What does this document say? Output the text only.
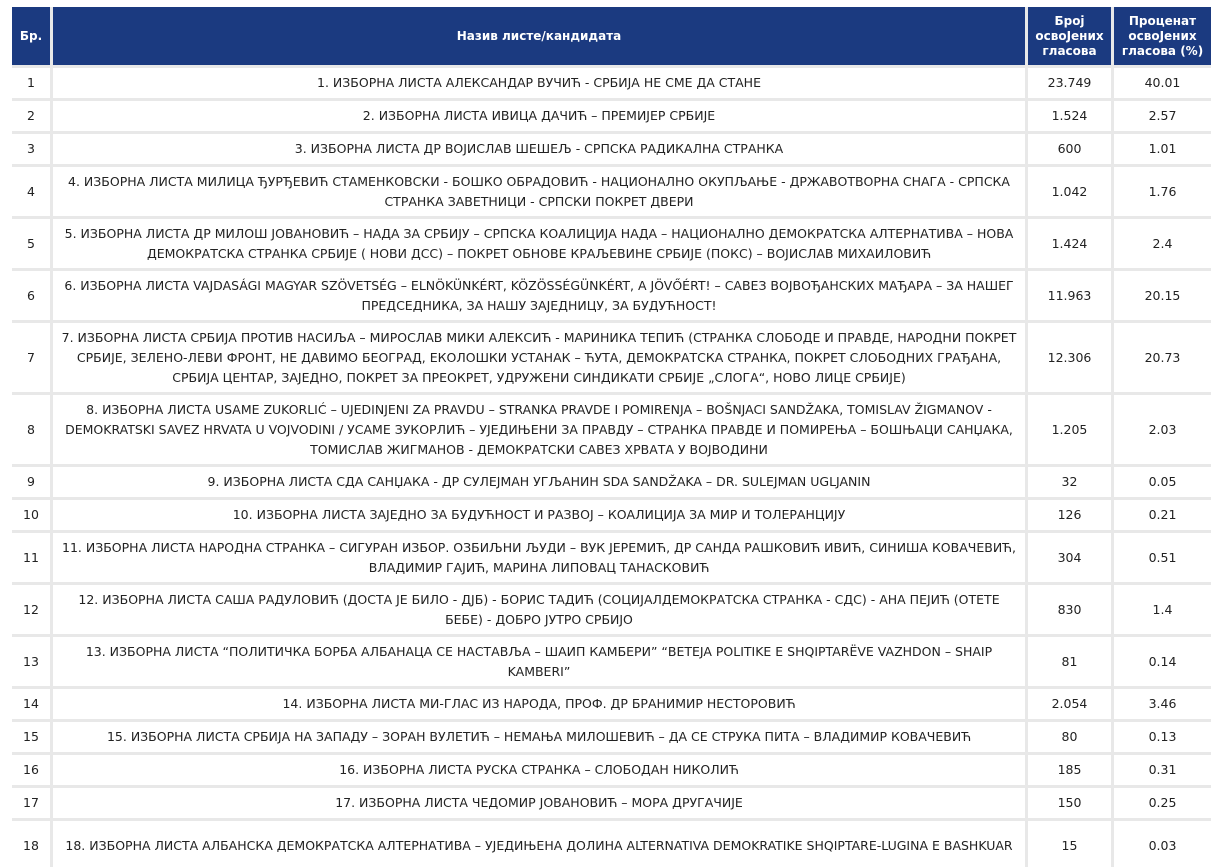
Бр.	Назив листе/кандидата	Број освоЈених гласова	Проценат освоЈених гласова (%)
1	1. ИЗБОРНА ЛИСТА АЛЕКСАНДАР ВУЧИЋ - СРБИЈА НЕ СМЕ ДА СТАНЕ	23.749	40.01
2	2. ИЗБОРНА ЛИСТА ИВИЦА ДАЧИЋ – ПРЕМИЈЕР СРБИЈЕ	1.524	2.57
3	3. ИЗБОРНА ЛИСТА ДР ВОЈИСЛАВ ШЕШЕЉ - СРПСКА РАДИКАЛНА СТРАНКА	600	1.01
4	4. ИЗБОРНА ЛИСТА МИЛИЦА ЂУРЂЕВИЋ СТАМЕНКОВСКИ - БОШКО ОБРАДОВИЋ - НАЦИОНАЛНО ОКУПЉАЊЕ - ДРЖАВОТВОРНА СНАГА - СРПСКА СТРАНКА ЗАВЕТНИЦИ - СРПСКИ ПОКРЕТ ДВЕРИ	1.042	1.76
5	5. ИЗБОРНА ЛИСТА ДР МИЛОШ ЈОВАНОВИЋ – НАДА ЗА СРБИЈУ – СРПСКА КОАЛИЦИЈА НАДА – НАЦИОНАЛНО ДЕМОКРАТСКА АЛТЕРНАТИВА – НОВА ДЕМОКРАТСКА СТРАНКА СРБИЈЕ ( НОВИ ДСС) – ПОКРЕТ ОБНОВЕ КРАЉЕВИНЕ СРБИЈЕ (ПОКС) – ВОЈИСЛАВ МИХАИЛОВИЋ	1.424	2.4
6	6. ИЗБОРНА ЛИСТА VAJDASÁGI MAGYAR SZÖVETSÉG – ELNÖKÜNKÉRT, KÖZÖSSÉGÜNKÉRT, A JÖVŐÉRT! – САВЕЗ ВОЈВОЂАНСКИХ МАЂАРА – ЗА НАШЕГ ПРЕДСЕДНИКА, ЗА НАШУ ЗАЈЕДНИЦУ, ЗА БУДУЋНОСТ!	11.963	20.15
7	7. ИЗБОРНА ЛИСТА СРБИЈА ПРОТИВ НАСИЉА – МИРОСЛАВ МИКИ АЛЕКСИЋ - МАРИНИКА ТЕПИЋ (СТРАНКА СЛОБОДЕ И ПРАВДЕ, НАРОДНИ ПОКРЕТ СРБИЈЕ, ЗЕЛЕНО-ЛЕВИ ФРОНТ, НЕ ДАВИМО БЕОГРАД, ЕКОЛОШКИ УСТАНАК – ЋУТА, ДЕМОКРАТСКА СТРАНКА, ПОКРЕТ СЛОБОДНИХ ГРАЂАНА, СРБИЈА ЦЕНТАР, ЗАЈЕДНО, ПОКРЕТ ЗА ПРЕОКРЕТ, УДРУЖЕНИ СИНДИКАТИ СРБИЈЕ „СЛОГА“, НОВО ЛИЦЕ СРБИЈЕ)	12.306	20.73
8	8. ИЗБОРНА ЛИСТА USAME ZUKORLIĆ – UJEDINJENI ZA PRAVDU – STRANKA PRAVDE I POMIRENJA – BOŠNJACI SANDŽAKA, TOMISLAV ŽIGMANOV - DEMOKRATSKI SAVEZ HRVATA U VOJVODINI / УСАМЕ ЗУКОРЛИЋ – УЈЕДИЊЕНИ ЗА ПРАВДУ – СТРАНКА ПРАВДЕ И ПОМИРЕЊА – БОШЊАЦИ САНЏАКА, ТОМИСЛАВ ЖИГМАНОВ - ДЕМОКРАТСКИ САВЕЗ ХРВАТА У ВОЈВОДИНИ	1.205	2.03
9	9. ИЗБОРНА ЛИСТА СДА САНЏАКА - ДР СУЛЕЈМАН УГЉАНИН SDA SANDŽAKA – DR. SULEJMAN UGLJANIN	32	0.05
10	10. ИЗБОРНА ЛИСТА ЗАЈЕДНО ЗА БУДУЋНОСТ И РАЗВОЈ – КОАЛИЦИЈА ЗА МИР И ТОЛЕРАНЦИЈУ	126	0.21
11	11. ИЗБОРНА ЛИСТА НАРОДНА СТРАНКА – СИГУРАН ИЗБОР. ОЗБИЉНИ ЉУДИ – ВУК ЈЕРЕМИЋ, ДР САНДА РАШКОВИЋ ИВИЋ, СИНИША КОВАЧЕВИЋ, ВЛАДИМИР ГАЈИЋ, МАРИНА ЛИПОВАЦ ТАНАСКОВИЋ	304	0.51
12	12. ИЗБОРНА ЛИСТА САША РАДУЛОВИЋ (ДОСТА ЈЕ БИЛО - ДЈБ) - БОРИС ТАДИЋ (СОЦИЈАЛДЕМОКРАТСКА СТРАНКА - СДС) - АНА ПЕЈИЋ (ОТЕТЕ БЕБЕ) - ДОБРО ЈУТРО СРБИЈО	830	1.4
13	13. ИЗБОРНА ЛИСТА “ПОЛИТИЧКА БОРБА АЛБАНАЦА СЕ НАСТАВЉА – ШАИП КАМБЕРИ” “BETEJA POLITIKE E SHQIPTARËVE VAZHDON – SHAIP KAMBERI”	81	0.14
14	14. ИЗБОРНА ЛИСТА МИ-ГЛАС ИЗ НАРОДА, ПРОФ. ДР БРАНИМИР НЕСТОРОВИЋ	2.054	3.46
15	15. ИЗБОРНА ЛИСТА СРБИЈА НА ЗАПАДУ – ЗОРАН ВУЛЕТИЋ – НЕМАЊА МИЛОШЕВИЋ – ДА СЕ СТРУКА ПИТА – ВЛАДИМИР КОВАЧЕВИЋ	80	0.13
16	16. ИЗБОРНА ЛИСТА РУСКА СТРАНКА – СЛОБОДАН НИКОЛИЋ	185	0.31
17	17. ИЗБОРНА ЛИСТА ЧЕДОМИР ЈОВАНОВИЋ – МОРА ДРУГАЧИЈЕ	150	0.25
18	18. ИЗБОРНА ЛИСТА АЛБАНСКА ДЕМОКРАТСКА АЛТЕРНАТИВА – УЈЕДИЊЕНА ДОЛИНА ALTERNATIVA DEMOKRATIKE SHQIPTARE-LUGINA E BASHKUAR	15	0.03
